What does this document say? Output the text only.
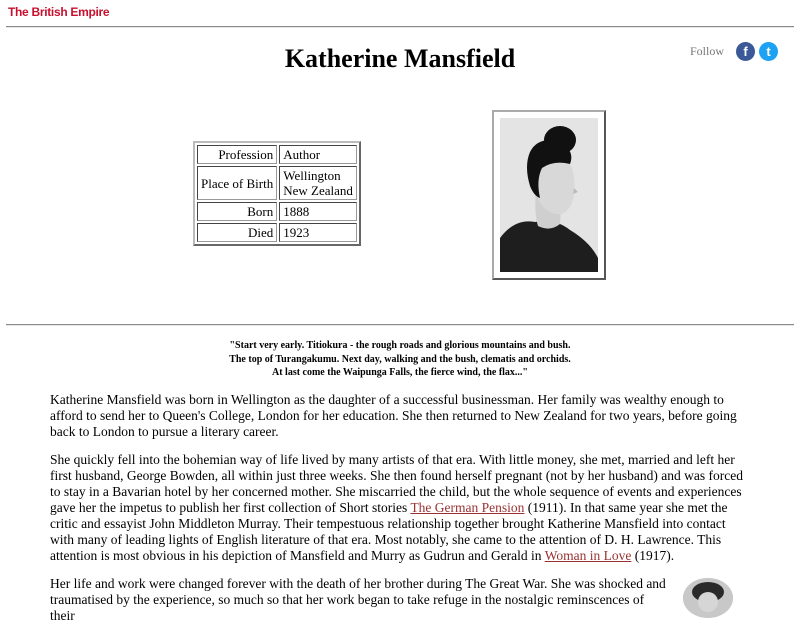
The British Empire
Katherine Mansfield	Follow	f	t
Profession	Author
Place of Birth	Wellington
New Zealand
Born	1888
Died	1923
"Start very early. Titiokura - the rough roads and glorious mountains and bush.
The top of Turangakumu. Next day, walking and the bush, clematis and orchids.
At last come the Waipunga Falls, the fierce wind, the flax..."

Katherine Mansfield was born in Wellington as the daughter of a successful businessman. Her family was wealthy enough to afford to send her to Queen's College, London for her education. She then returned to New Zealand for two years, before going back to London to pursue a literary career.

She quickly fell into the bohemian way of life lived by many artists of that era. With little money, she met, married and left her first husband, George Bowden, all within just three weeks. She then found herself pregnant (not by her husband) and was forced to stay in a Bavarian hotel by her concerned mother. She miscarried the child, but the whole sequence of events and experiences gave her the impetus to publish her first collection of Short stories The German Pension (1911). In that same year she met the critic and essayist John Middleton Murray. Their tempestuous relationship together brought Katherine Mansfield into contact with many of leading lights of English literature of that era. Most notably, she came to the attention of D. H. Lawrence. This attention is most obvious in his depiction of Mansfield and Murry as Gudrun and Gerald in Woman in Love (1917).

Her life and work were changed forever with the death of her brother during The Great War. She was shocked and traumatised by the experience, so much so that her work began to take refuge in the nostalgic reminscences of their
